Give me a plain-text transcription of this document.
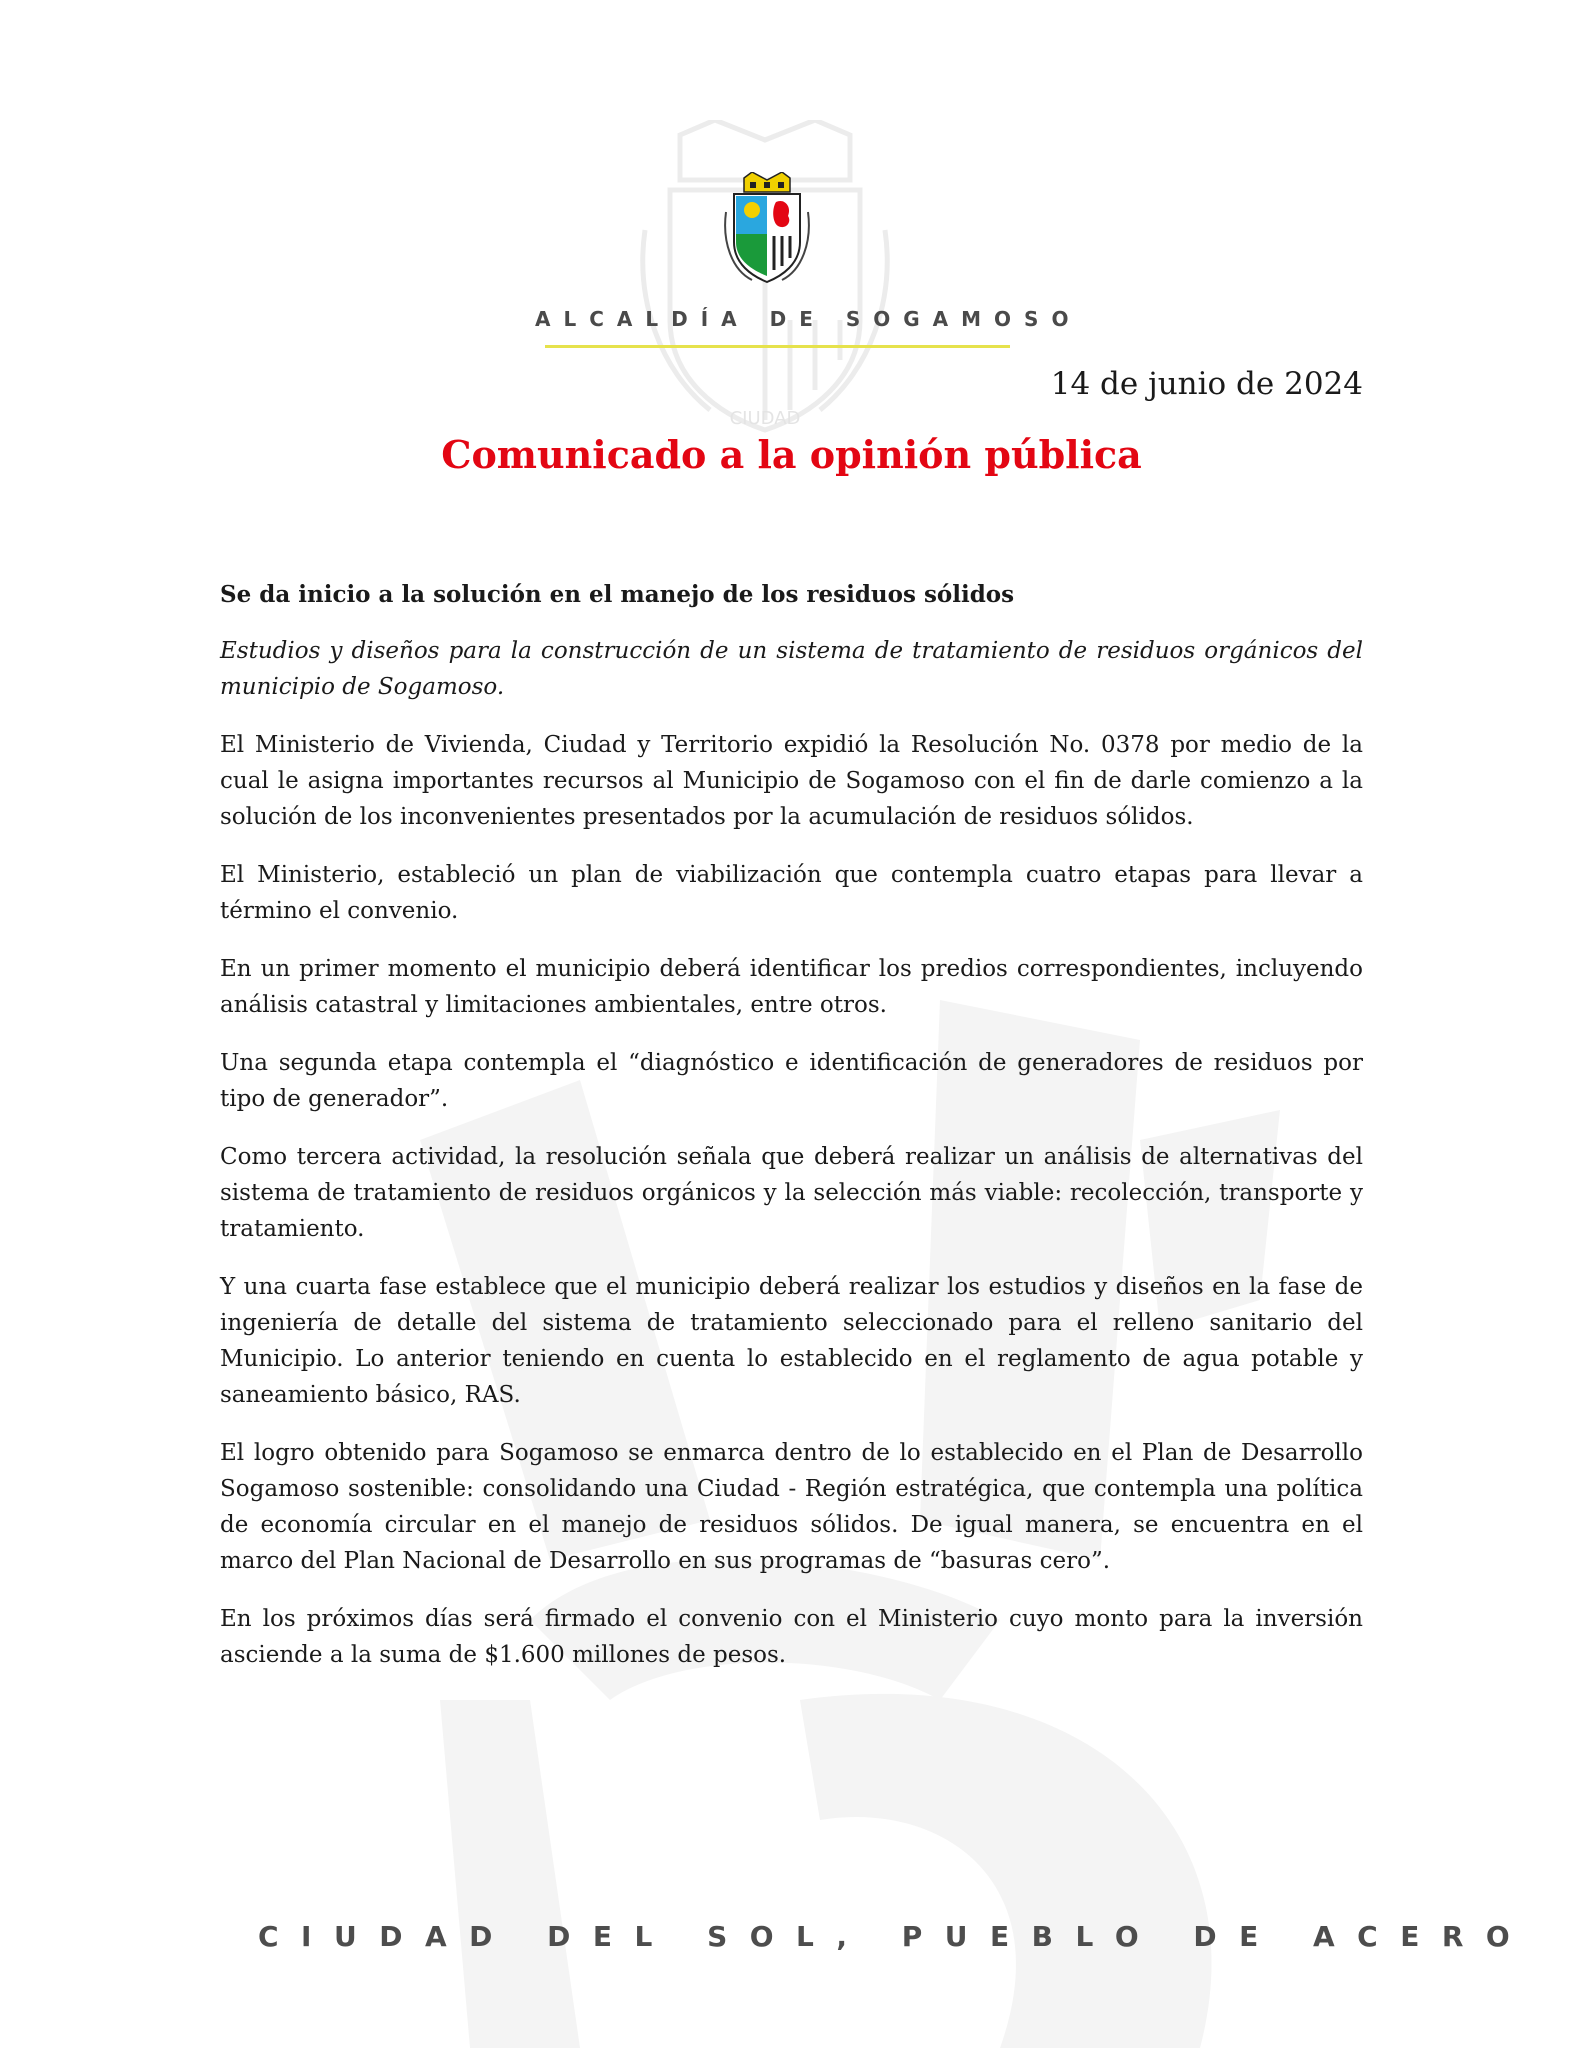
CIUDAD
ALCALDÍA DE SOGAMOSO
14 de junio de 2024
Comunicado a la opinión pública

Se da inicio a la solución en el manejo de los residuos sólidos

Estudios y diseños para la construcción de un sistema de tratamiento de residuos orgánicos del municipio de Sogamoso.

El Ministerio de Vivienda, Ciudad y Territorio expidió la Resolución No. 0378 por medio de la cual le asigna importantes recursos al Municipio de Sogamoso con el fin de darle comienzo a la solución de los inconvenientes presentados por la acumulación de residuos sólidos.

El Ministerio, estableció un plan de viabilización que contempla cuatro etapas para llevar a término el convenio.

En un primer momento el municipio deberá identificar los predios correspondientes, incluyendo análisis catastral y limitaciones ambientales, entre otros.

Una segunda etapa contempla el “diagnóstico e identificación de generadores de residuos por tipo de generador”.

Como tercera actividad, la resolución señala que deberá realizar un análisis de alternativas del sistema de tratamiento de residuos orgánicos y la selección más viable: recolección, transporte y tratamiento.

Y una cuarta fase establece que el municipio deberá realizar los estudios y diseños en la fase de ingeniería de detalle del sistema de tratamiento seleccionado para el relleno sanitario del Municipio. Lo anterior teniendo en cuenta lo establecido en el reglamento de agua potable y saneamiento básico, RAS.

El logro obtenido para Sogamoso se enmarca dentro de lo establecido en el Plan de Desarrollo Sogamoso sostenible: consolidando una Ciudad - Región estratégica, que contempla una política de economía circular en el manejo de residuos sólidos. De igual manera, se encuentra en el marco del Plan Nacional de Desarrollo en sus programas de “basuras cero”.

En los próximos días será firmado el convenio con el Ministerio cuyo monto para la inversión asciende a la suma de $1.600 millones de pesos.

CIUDAD DEL SOL, PUEBLO DE ACERO
